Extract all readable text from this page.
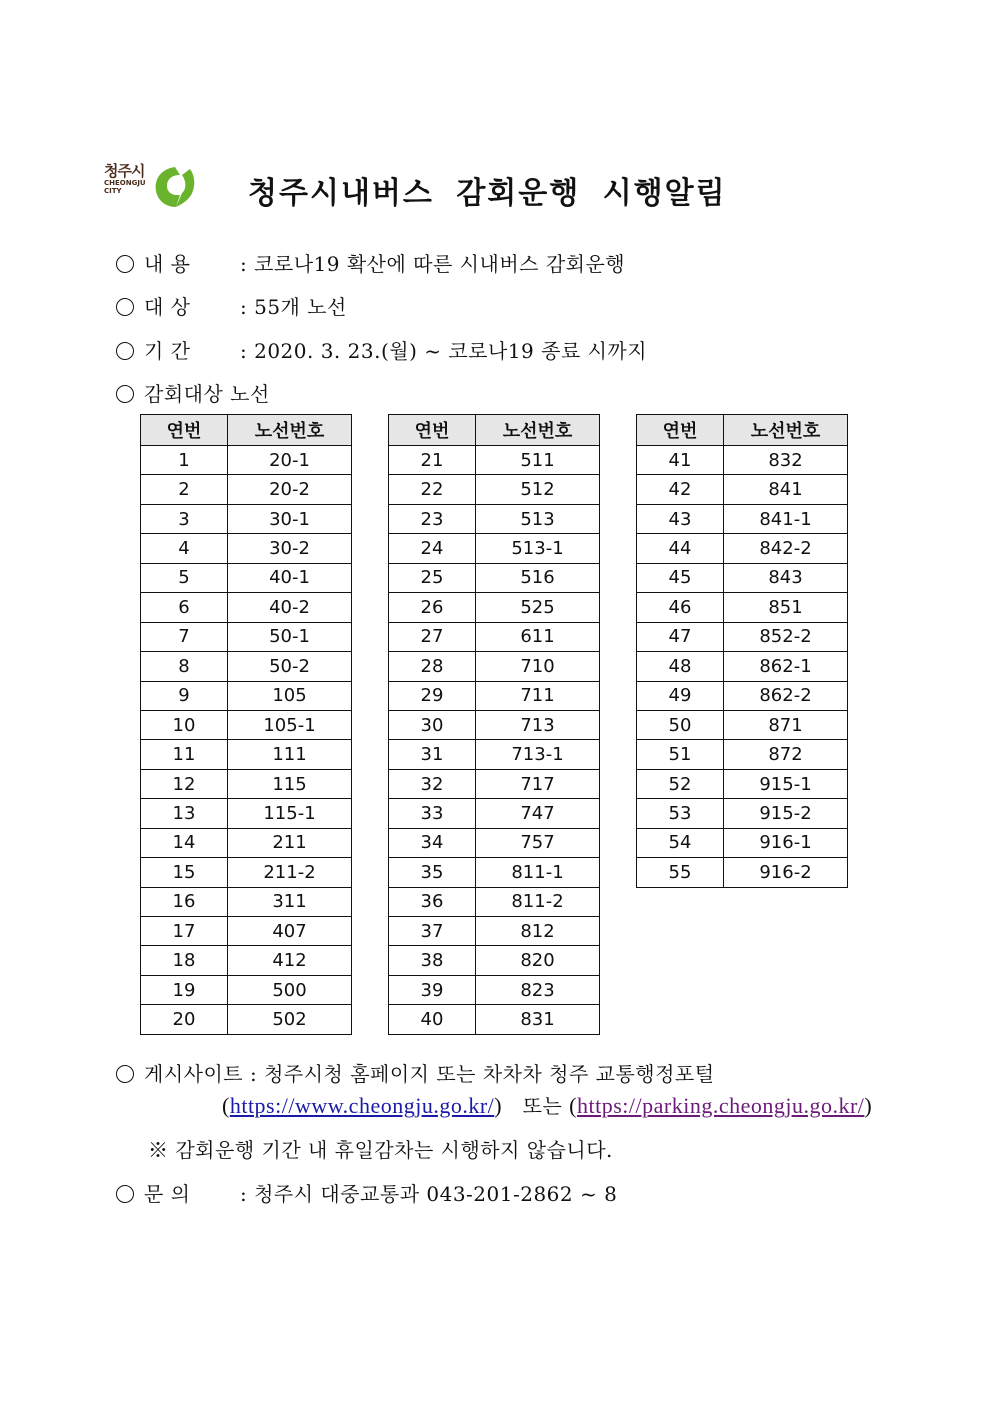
청주시
CHEONGJU
CITY	청주시내버스 감회운행 시행알림
내 용 : 코로나19 확산에 따른 시내버스 감회운행
대 상 : 55개 노선
기 간 : 2020. 3. 23.(월) ~ 코로나19 종료 시까지
감회대상 노선
연번	노선번호
1	20-1
2	20-2
3	30-1
4	30-2
5	40-1
6	40-2
7	50-1
8	50-2
9	105
10	105-1
11	111
12	115
13	115-1
14	211
15	211-2
16	311
17	407
18	412
19	500
20	502
연번	노선번호
21	511
22	512
23	513
24	513-1
25	516
26	525
27	611
28	710
29	711
30	713
31	713-1
32	717
33	747
34	757
35	811-1
36	811-2
37	812
38	820
39	823
40	831
연번	노선번호
41	832
42	841
43	841-1
44	842-2
45	843
46	851
47	852-2
48	862-1
49	862-2
50	871
51	872
52	915-1
53	915-2
54	916-1
55	916-2
게시사이트 : 청주시청 홈페이지 또는 차차차 청주 교통행정포털
(https://www.cheongju.go.kr/) 또는 (https://parking.cheongju.go.kr/)
※ 감회운행 기간 내 휴일감차는 시행하지 않습니다.
문 의 : 청주시 대중교통과 043-201-2862 ~ 8
